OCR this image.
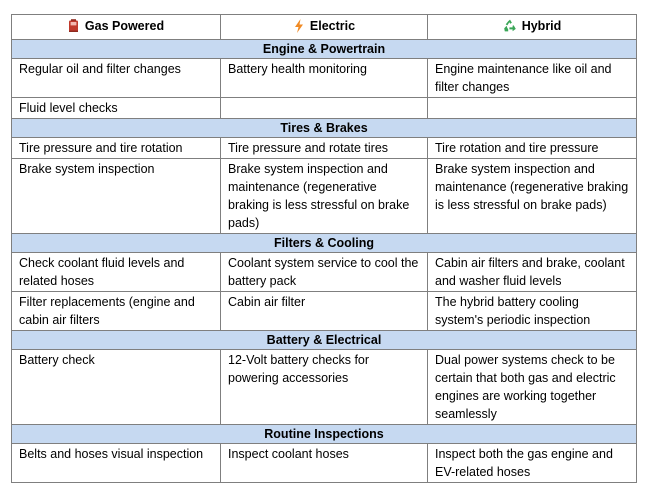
Gas Powered	Electric	Hybrid

Engine & Powertrain		
Regular oil and filter changes	Battery health monitoring	Engine maintenance like oil and filter changes
Fluid level checks		
Tires & Brakes		
Tire pressure and tire rotation	Tire pressure and rotate tires	Tire rotation and tire pressure
Brake system inspection	Brake system inspection and maintenance (regenerative braking is less stressful on brake pads)	Brake system inspection and maintenance (regenerative braking is less stressful on brake pads)
Filters & Cooling		
Check coolant fluid levels and related hoses	Coolant system service to cool the battery pack	Cabin air filters and brake, coolant and washer fluid levels
Filter replacements (engine and cabin air filters	Cabin air filter	The hybrid battery cooling system's periodic inspection
Battery & Electrical		
Battery check	12-Volt battery checks for powering accessories	Dual power systems check to be certain that both gas and electric engines are working together seamlessly
Routine Inspections		
Belts and hoses visual inspection	Inspect coolant hoses	Inspect both the gas engine and EV-related hoses
